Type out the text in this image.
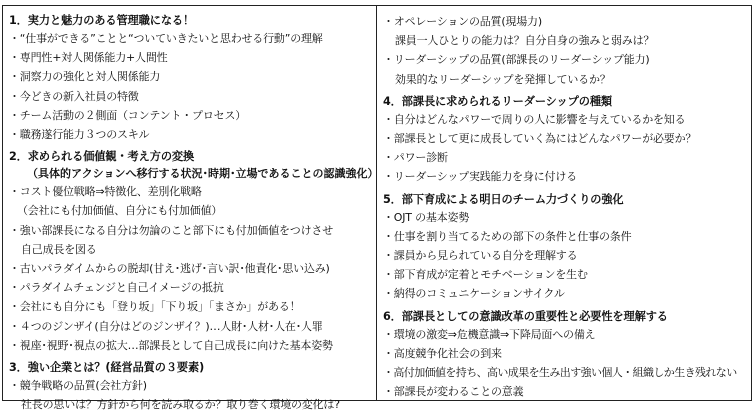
1．実力と魅力のある管理職になる！
・“仕事ができる”ことと“ついていきたいと思わせる行動”の理解
・専門性+対人関係能力+人間性
・洞察力の強化と対人関係能力
・今どきの新入社員の特徴
・チーム活動の２側面（コンテント・プロセス）
・職務遂行能力３つのスキル
2．求められる価値観・考え方の変換
（具体的アクションへ移行する状況･時期･立場であることの認識強化）
・コスト優位戦略⇒特徴化、差別化戦略
（会社にも付加価値、自分にも付加価値）
・強い部課長になる自分は勿論のこと部下にも付加価値をつけさせ
自己成長を図る
・古いパラダイムからの脱却(甘え･逃げ･言い訳･他責化･思い込み)
・パラダイムチェンジと自己イメージの抵抗
・会社にも自分にも「登り坂」「下り坂」「まさか」がある！
・４つのジンザイ(自分はどのジンザイ？)…人財･人材･人在･人罪
・視座･視野･視点の拡大…部課長として自己成長に向けた基本姿勢
3．強い企業とは？(経営品質の３要素)
・競争戦略の品質(会社方針)
社長の思いは？方針から何を読み取るか？取り巻く環境の変化は?
・オペレーションの品質(現場力)
課員一人ひとりの能力は？自分自身の強みと弱みは？
・リーダーシップの品質(部課長のリーダーシップ能力)
効果的なリーダーシップを発揮しているか？
4．部課長に求められるリーダーシップの種類
・自分はどんなパワーで周りの人に影響を与えているかを知る
・部課長として更に成長していく為にはどんなパワーが必要か？
・パワー診断
・リーダーシップ実践能力を身に付ける
5．部下育成による明日のチーム力づくりの強化
・OJT の基本姿勢
・仕事を割り当てるための部下の条件と仕事の条件
・課員から見られている自分を理解する
・部下育成が定着とモチベーションを生む
・納得のコミュニケーションサイクル
6．部課長としての意識改革の重要性と必要性を理解する
・環境の激変⇒危機意識⇒下降局面への備え
・高度競争化社会の到来
・高付加価値を持ち、高い成果を生み出す強い個人・組織しか生き残れない
・部課長が変わることの意義
